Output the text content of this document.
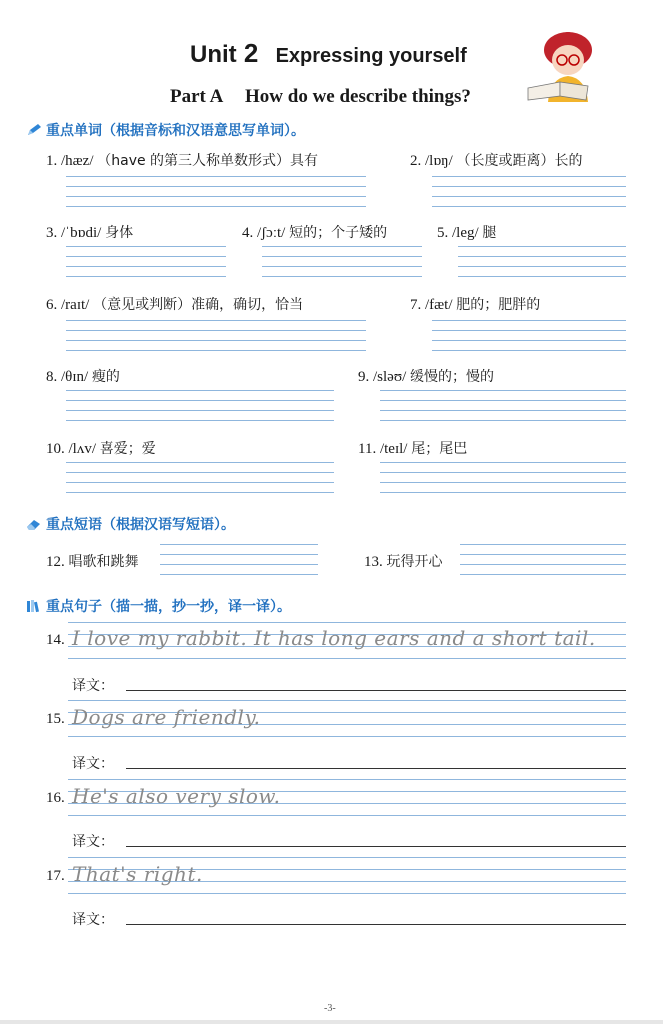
Unit 2 Expressing yourself
Part A How do we describe things?
重点单词（根据音标和汉语意思写单词）。
1. /hæz/ （have 的第三人称单数形式）具有	2. /lɒŋ/ （长度或距离）长的
3. /ˈbɒdi/ 身体	4. /ʃɔːt/ 短的；个子矮的	5. /leg/ 腿
6. /raɪt/ （意见或判断）准确，确切，恰当	7. /fæt/ 肥的；肥胖的
8. /θɪn/ 瘦的	9. /sləʊ/ 缓慢的；慢的
10. /lʌv/ 喜爱；爱	11. /teɪl/ 尾；尾巴
重点短语（根据汉语写短语）。
12. 唱歌和跳舞	13. 玩得开心
重点句子（描一描，抄一抄，译一译）。
14. I love my rabbit. It has long ears and a short tail.
译文：
15. Dogs are friendly.
译文：
16. He's also very slow.
译文：
17. That's right.
译文：
-3-
